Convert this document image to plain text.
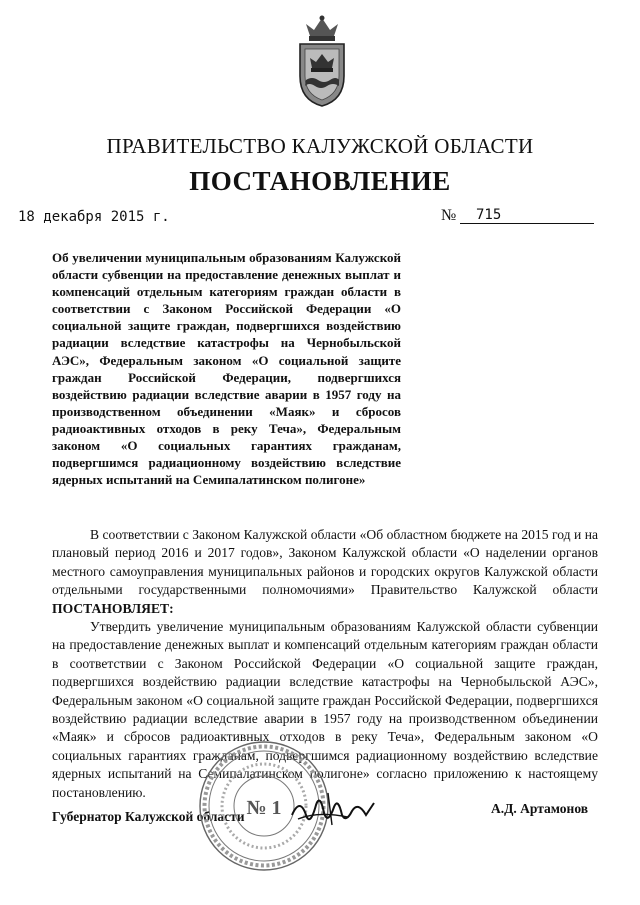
ПРАВИТЕЛЬСТВО КАЛУЖСКОЙ ОБЛАСТИ
ПОСТАНОВЛЕНИЕ
18 декабря 2015 г.	№	715
Об увеличении муниципальным образованиям Калужской области субвенции на предоставление денежных выплат и компенсаций отдельным категориям граждан области в соответствии с Законом Российской Федерации «О социальной защите граждан, подвергшихся воздействию радиации вследствие катастрофы на Чернобыльской АЭС», Федеральным законом «О социальной защите граждан Российской Федерации, подвергшихся воздействию радиации вследствие аварии в 1957 году на производственном объединении «Маяк» и сбросов радиоактивных отходов в реку Теча», Федеральным законом «О социальных гарантиях гражданам, подвергшимся радиационному воздействию вследствие ядерных испытаний на Семипалатинском полигоне»

В соответствии с Законом Калужской области «Об областном бюджете на 2015 год и на плановый период 2016 и 2017 годов», Законом Калужской области «О наделении органов местного самоуправления муниципальных районов и городских округов Калужской области отдельными государственными полномочиями» Правительство Калужской области ПОСТАНОВЛЯЕТ:

Утвердить увеличение муниципальным образованиям Калужской области субвенции на предоставление денежных выплат и компенсаций отдельным категориям граждан области в соответствии с Законом Российской Федерации «О социальной защите граждан, подвергшихся воздействию радиации вследствие катастрофы на Чернобыльской АЭС», Федеральным законом «О социальной защите граждан Российской Федерации, подвергшихся воздействию радиации вследствие аварии в 1957 году на производственном объединении «Маяк» и сбросов радиоактивных отходов в реку Теча», Федеральным законом «О социальных гарантиях гражданам, подвергшимся радиационному воздействию вследствие ядерных испытаний на Семипалатинском полигоне» согласно приложению к настоящему постановлению.

Губернатор Калужской области
А.Д. Артамонов
№ 1
